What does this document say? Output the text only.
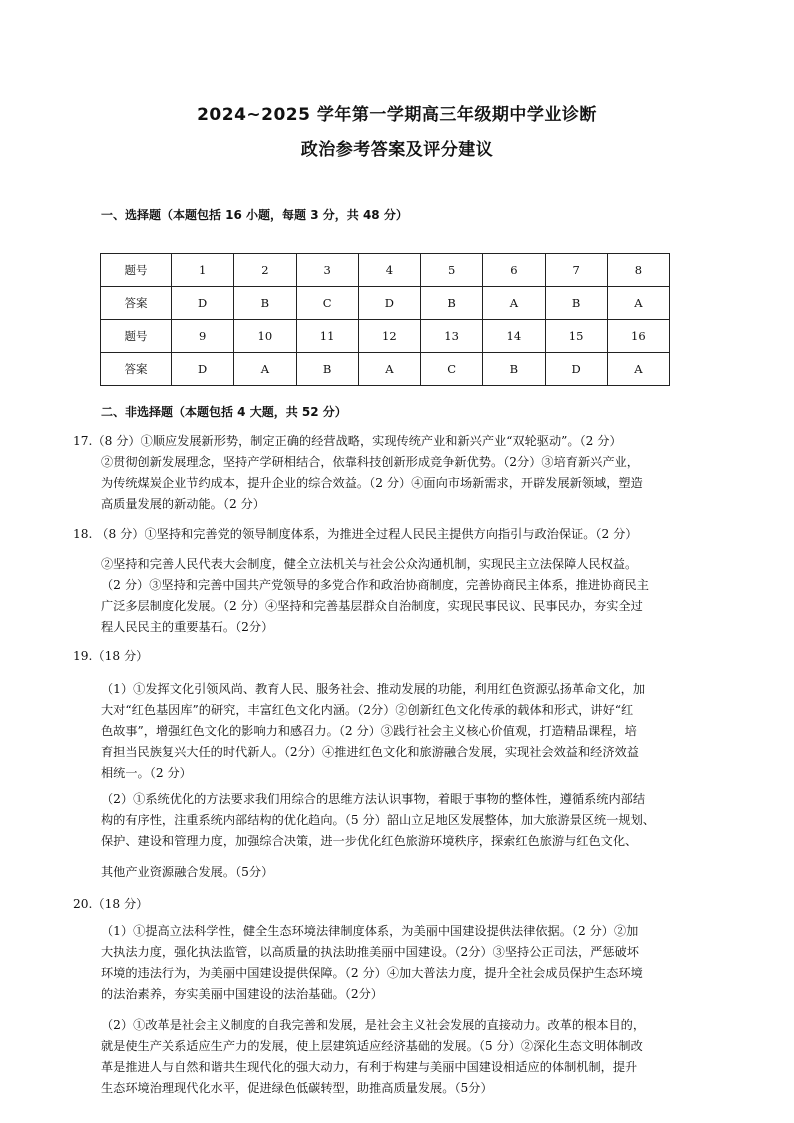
2024~2025 学年第一学期高三年级期中学业诊断
政治参考答案及评分建议
一、选择题（本题包括 16 小题，每题 3 分，共 48 分）
题号	1	2	3	4	5	6	7	8
答案	D	B	C	D	B	A	B	A
题号	9	10	11	12	13	14	15	16
答案	D	A	B	A	C	B	D	A
二、非选择题（本题包括 4 大题，共 52 分）
17.（8 分）①顺应发展新形势，制定正确的经营战略，实现传统产业和新兴产业“双轮驱动”。（2 分）
②贯彻创新发展理念，坚持产学研相结合，依靠科技创新形成竞争新优势。（2分）③培育新兴产业，
为传统煤炭企业节约成本，提升企业的综合效益。（2 分）④面向市场新需求，开辟发展新领域，塑造
高质量发展的新动能。（2 分）
18. （8 分）①坚持和完善党的领导制度体系，为推进全过程人民民主提供方向指引与政治保证。（2 分）
②坚持和完善人民代表大会制度，健全立法机关与社会公众沟通机制，实现民主立法保障人民权益。
（2 分）③坚持和完善中国共产党领导的多党合作和政治协商制度，完善协商民主体系，推进协商民主
广泛多层制度化发展。（2 分）④坚持和完善基层群众自治制度，实现民事民议、民事民办，夯实全过
程人民民主的重要基石。（2分）
19.（18 分）
（1）①发挥文化引领风尚、教育人民、服务社会、推动发展的功能，利用红色资源弘扬革命文化，加
大对“红色基因库”的研究，丰富红色文化内涵。（2分）②创新红色文化传承的载体和形式，讲好“红
色故事”，增强红色文化的影响力和感召力。（2 分）③践行社会主义核心价值观，打造精品课程，培
育担当民族复兴大任的时代新人。（2分）④推进红色文化和旅游融合发展，实现社会效益和经济效益
相统一。（2 分）
（2）①系统优化的方法要求我们用综合的思维方法认识事物，着眼于事物的整体性，遵循系统内部结
构的有序性，注重系统内部结构的优化趋向。（5 分）韶山立足地区发展整体，加大旅游景区统一规划、
保护、建设和管理力度，加强综合决策，进一步优化红色旅游环境秩序，探索红色旅游与红色文化、
其他产业资源融合发展。（5分）
20.（18 分）
（1）①提高立法科学性，健全生态环境法律制度体系，为美丽中国建设提供法律依据。（2 分）②加
大执法力度，强化执法监管，以高质量的执法助推美丽中国建设。（2分）③坚持公正司法，严惩破坏
环境的违法行为，为美丽中国建设提供保障。（2 分）④加大普法力度，提升全社会成员保护生态环境
的法治素养，夯实美丽中国建设的法治基础。（2分）
（2）①改革是社会主义制度的自我完善和发展，是社会主义社会发展的直接动力。改革的根本目的，
就是使生产关系适应生产力的发展，使上层建筑适应经济基础的发展。（5 分）②深化生态文明体制改
革是推进人与自然和谐共生现代化的强大动力，有利于构建与美丽中国建设相适应的体制机制，提升
生态环境治理现代化水平，促进绿色低碳转型，助推高质量发展。（5分）
